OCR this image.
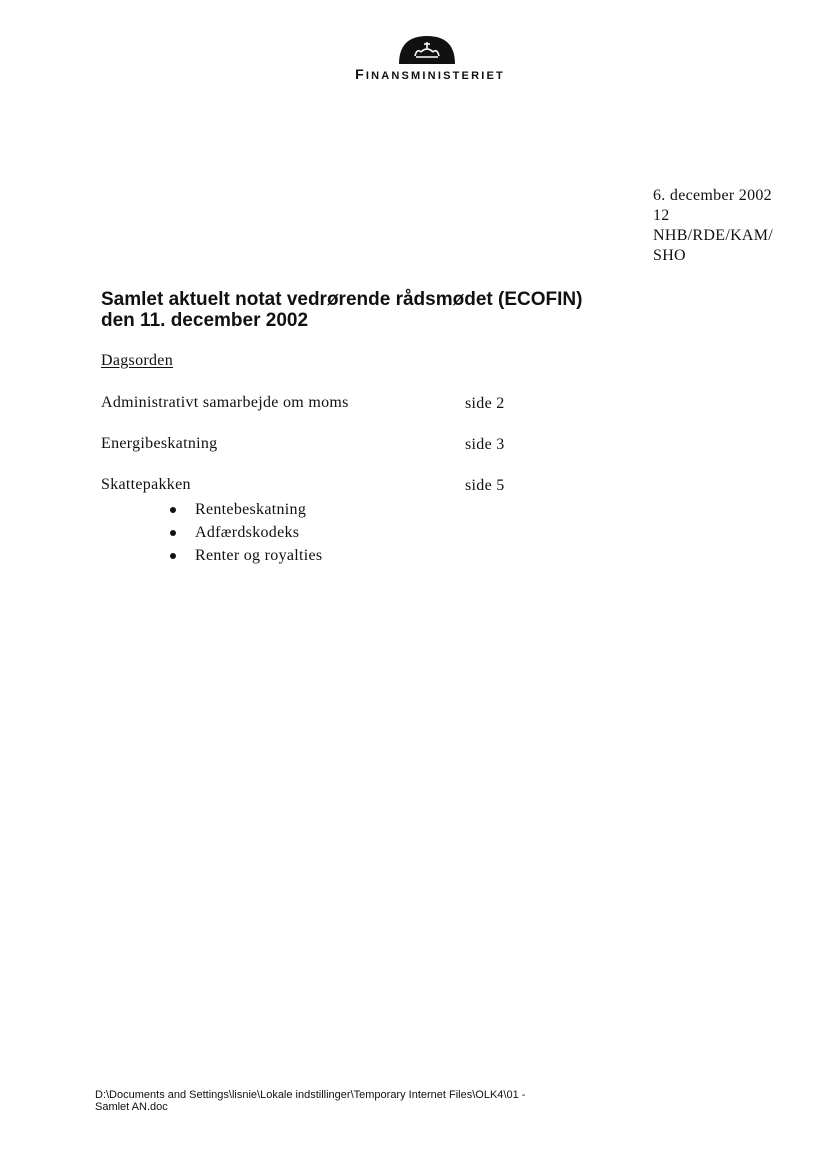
FINANSMINISTERIET
6. december 2002
12
NHB/RDE/KAM/
SHO
Samlet aktuelt notat vedrørende rådsmødet (ECOFIN)
den 11. december 2002
Dagsorden
Administrativt samarbejde om moms	side 2
Energibeskatning	side 3
Skattepakken	side 5
Rentebeskatning
Adfærdskodeks
Renter og royalties
D:\Documents and Settings\lisnie\Lokale indstillinger\Temporary Internet Files\OLK4\01 -
Samlet AN.doc
